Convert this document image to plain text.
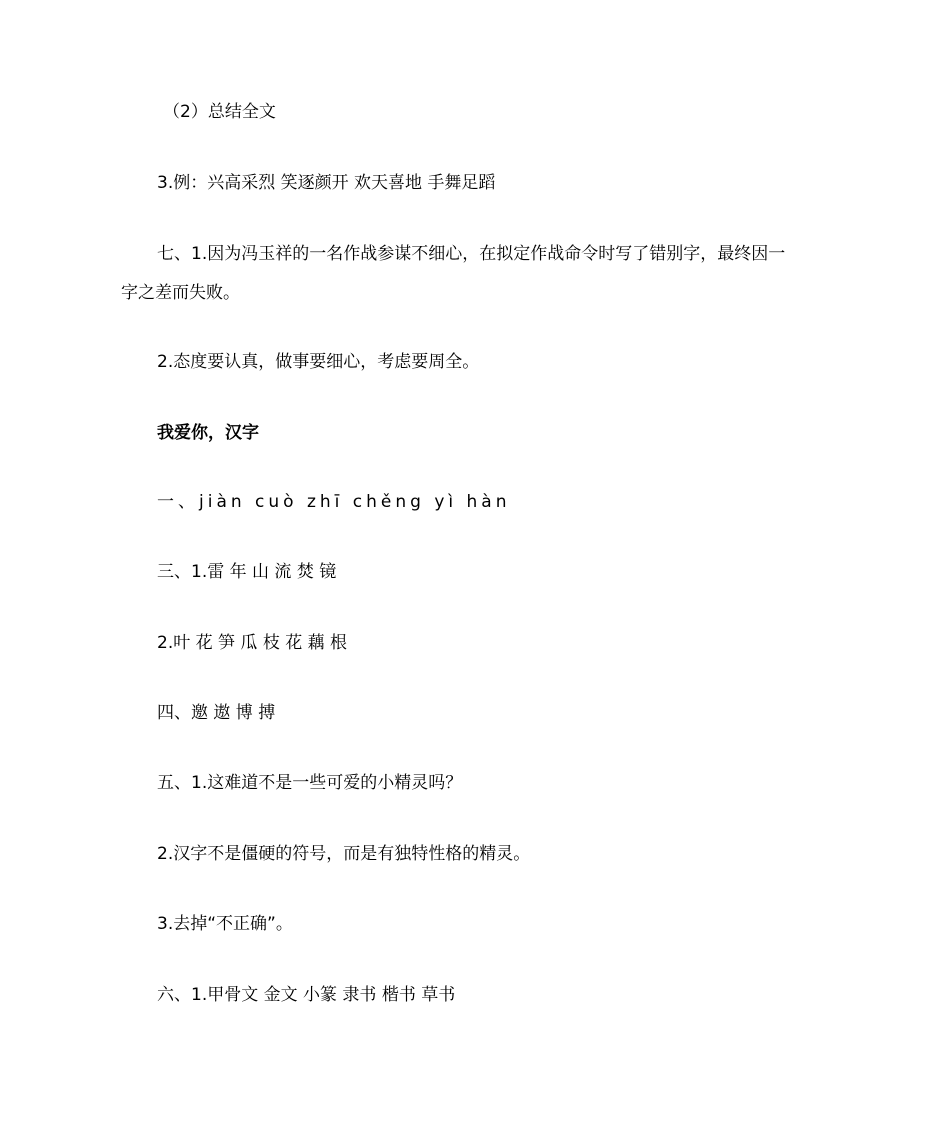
（2）总结全文

3.例：兴高采烈 笑逐颜开 欢天喜地 手舞足蹈

七、1.因为冯玉祥的一名作战参谋不细心，在拟定作战命令时写了错别字，最终因一

字之差而失败。

2.态度要认真，做事要细心，考虑要周全。

我爱你，汉字

一、jiàn cuò zhī chěng yì hàn

三、1.雷 年 山 流 焚 镜

2.叶 花 笋 瓜 枝 花 藕 根

四、邀 遨 博 搏

五、1.这难道不是一些可爱的小精灵吗？

2.汉字不是僵硬的符号，而是有独特性格的精灵。

3.去掉“不正确”。

六、1.甲骨文 金文 小篆 隶书 楷书 草书
